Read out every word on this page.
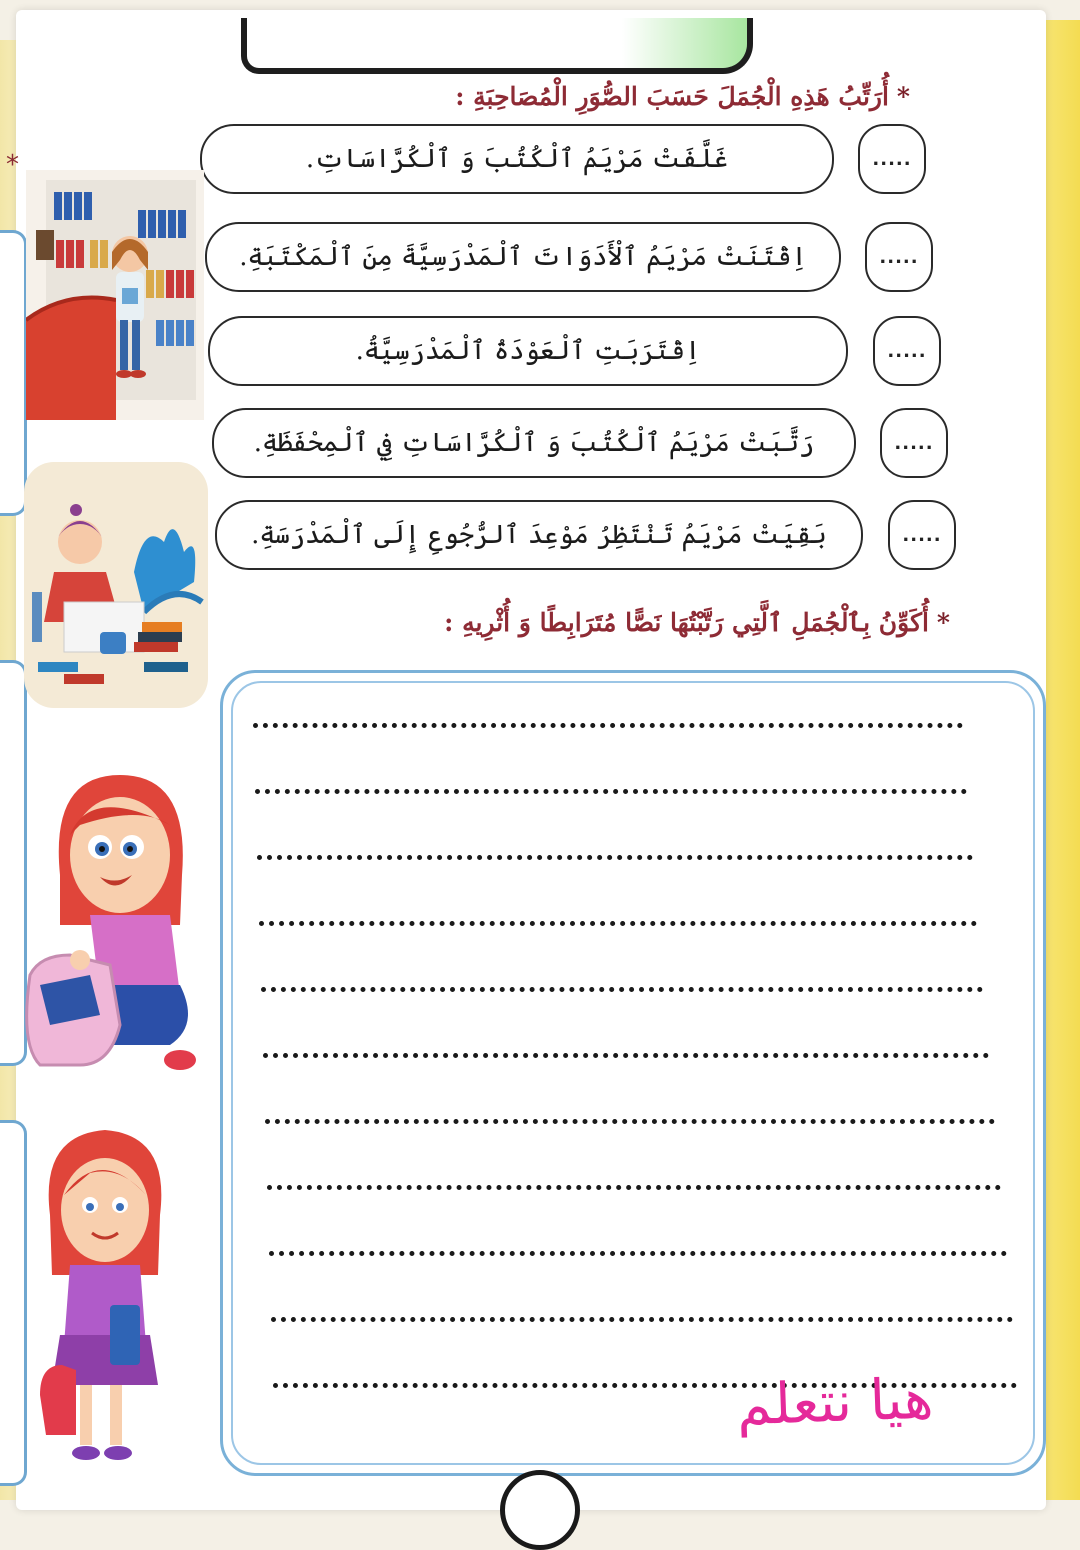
*
*أُرَتِّبُ هَذِهِ الْجُمَلَ حَسَبَ الصُّوَرِ الْمُصَاحِبَةِ :
غَلَّفَتْ مَرْيَمُ ٱلْكُتُبَ وَ ٱلْكُرَّاسَاتِ.	.....
اِقْتَنَتْ مَرْيَمُ ٱلْأَدَوَاتَ ٱلْمَدْرَسِيَّةَ مِنَ ٱلْمَكْتَبَةِ.	.....
اِقْتَرَبَتِ ٱلْعَوْدَةُ ٱلْمَدْرَسِيَّةُ.	.....
رَتَّبَتْ مَرْيَمُ ٱلْكُتُبَ وَ ٱلْكُرَّاسَاتِ فِي ٱلْمِحْفَظَةِ.	.....
بَقِيَتْ مَرْيَمُ تَنْتَظِرُ مَوْعِدَ ٱلرُّجُوعِ إِلَى ٱلْمَدْرَسَةِ.	.....
*أُكَوِّنُ بِٱلْجُمَلِ ٱلَّتِي رَتَّبْتُهَا نَصًّا مُتَرَابِطًا وَ أُثْرِيهِ :
هيا نتعلم
